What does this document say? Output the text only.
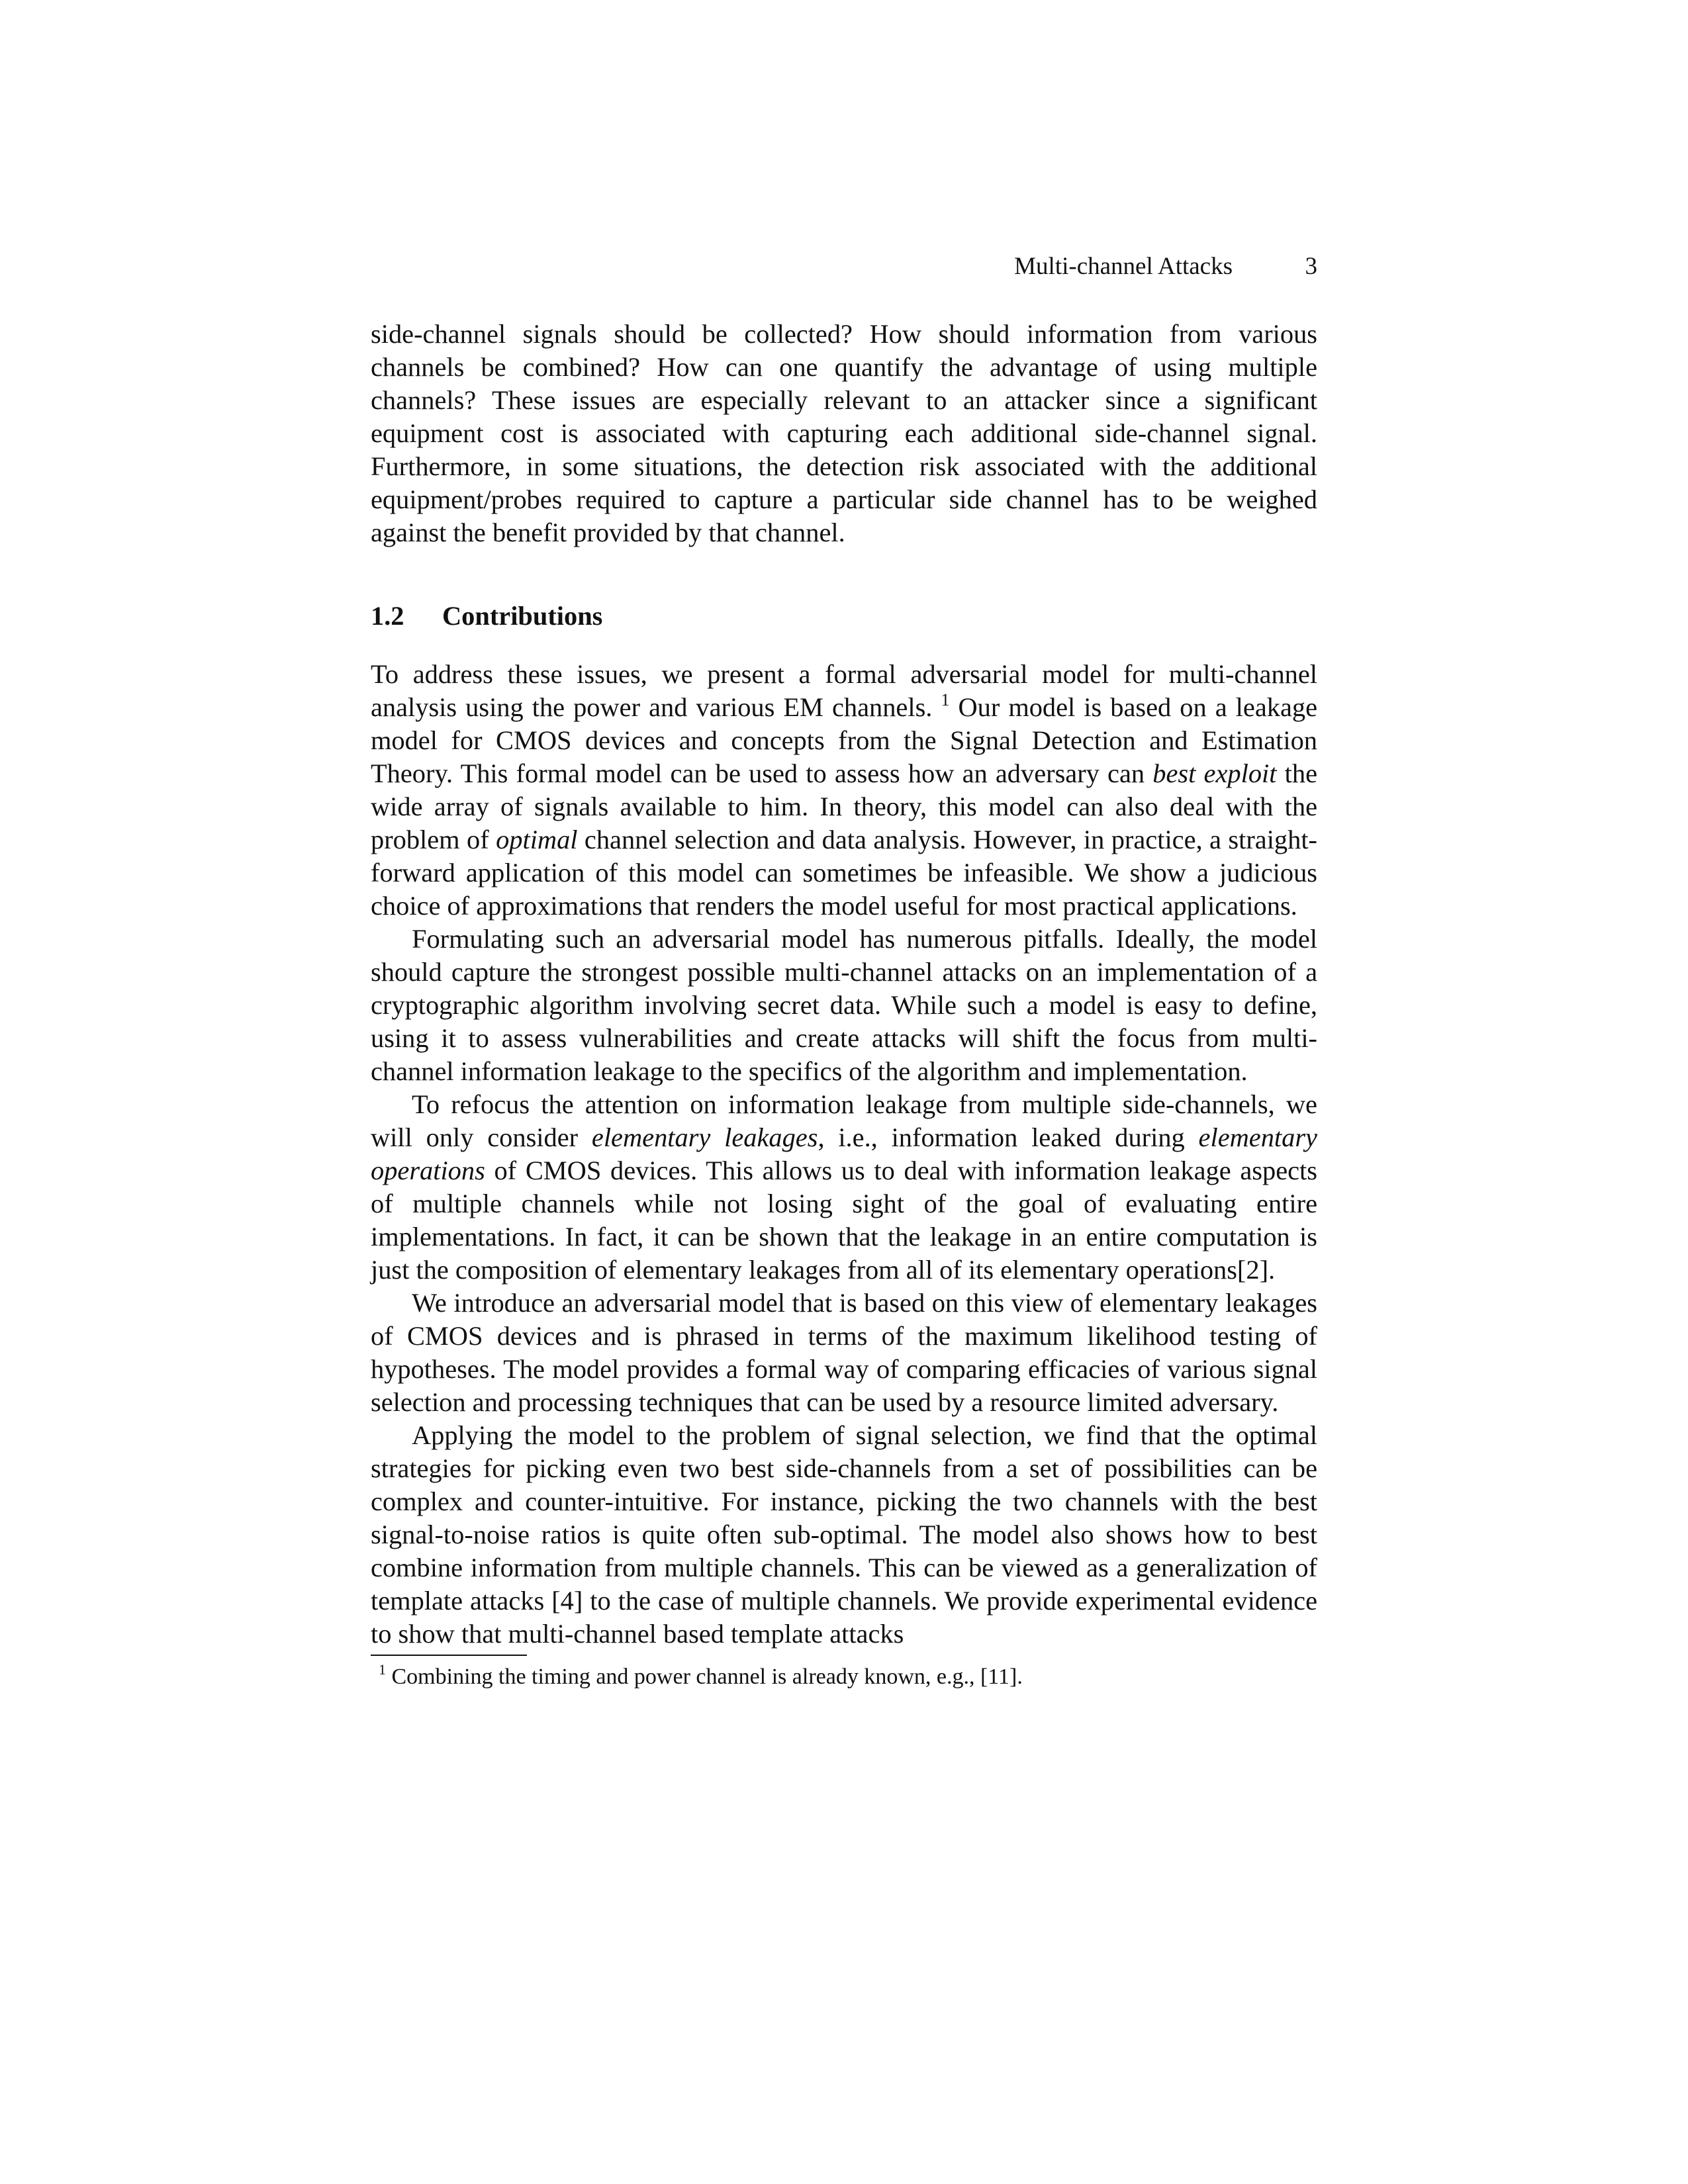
Multi-channel Attacks	3

side-channel signals should be collected? How should information from various channels be combined? How can one quantify the advantage of using multiple channels? These issues are especially relevant to an attacker since a significant equipment cost is associated with capturing each additional side-channel signal. Furthermore, in some situations, the detection risk associated with the additional equipment/probes required to capture a particular side channel has to be weighed against the benefit provided by that channel.

1.2 Contributions

To address these issues, we present a formal adversarial model for multi-channel analysis using the power and various EM channels. $^1$ Our model is based on a leakage model for CMOS devices and concepts from the Signal Detection and Estimation Theory. This formal model can be used to assess how an adversary can best exploit the wide array of signals available to him. In theory, this model can also deal with the problem of optimal channel selection and data analysis. However, in practice, a straight-forward application of this model can sometimes be infeasible. We show a judicious choice of approximations that renders the model useful for most practical applications.

Formulating such an adversarial model has numerous pitfalls. Ideally, the model should capture the strongest possible multi-channel attacks on an implementation of a cryptographic algorithm involving secret data. While such a model is easy to define, using it to assess vulnerabilities and create attacks will shift the focus from multi-channel information leakage to the specifics of the algorithm and implementation.

To refocus the attention on information leakage from multiple side-channels, we will only consider elementary leakages, i.e., information leaked during elementary operations of CMOS devices. This allows us to deal with information leakage aspects of multiple channels while not losing sight of the goal of evaluating entire implementations. In fact, it can be shown that the leakage in an entire computation is just the composition of elementary leakages from all of its elementary operations[2].

We introduce an adversarial model that is based on this view of elementary leakages of CMOS devices and is phrased in terms of the maximum likelihood testing of hypotheses. The model provides a formal way of comparing efficacies of various signal selection and processing techniques that can be used by a resource limited adversary.

Applying the model to the problem of signal selection, we find that the optimal strategies for picking even two best side-channels from a set of possibilities can be complex and counter-intuitive. For instance, picking the two channels with the best signal-to-noise ratios is quite often sub-optimal. The model also shows how to best combine information from multiple channels. This can be viewed as a generalization of template attacks [4] to the case of multiple channels. We provide experimental evidence to show that multi-channel based template attacks

$^1$ Combining the timing and power channel is already known, e.g., [11].
